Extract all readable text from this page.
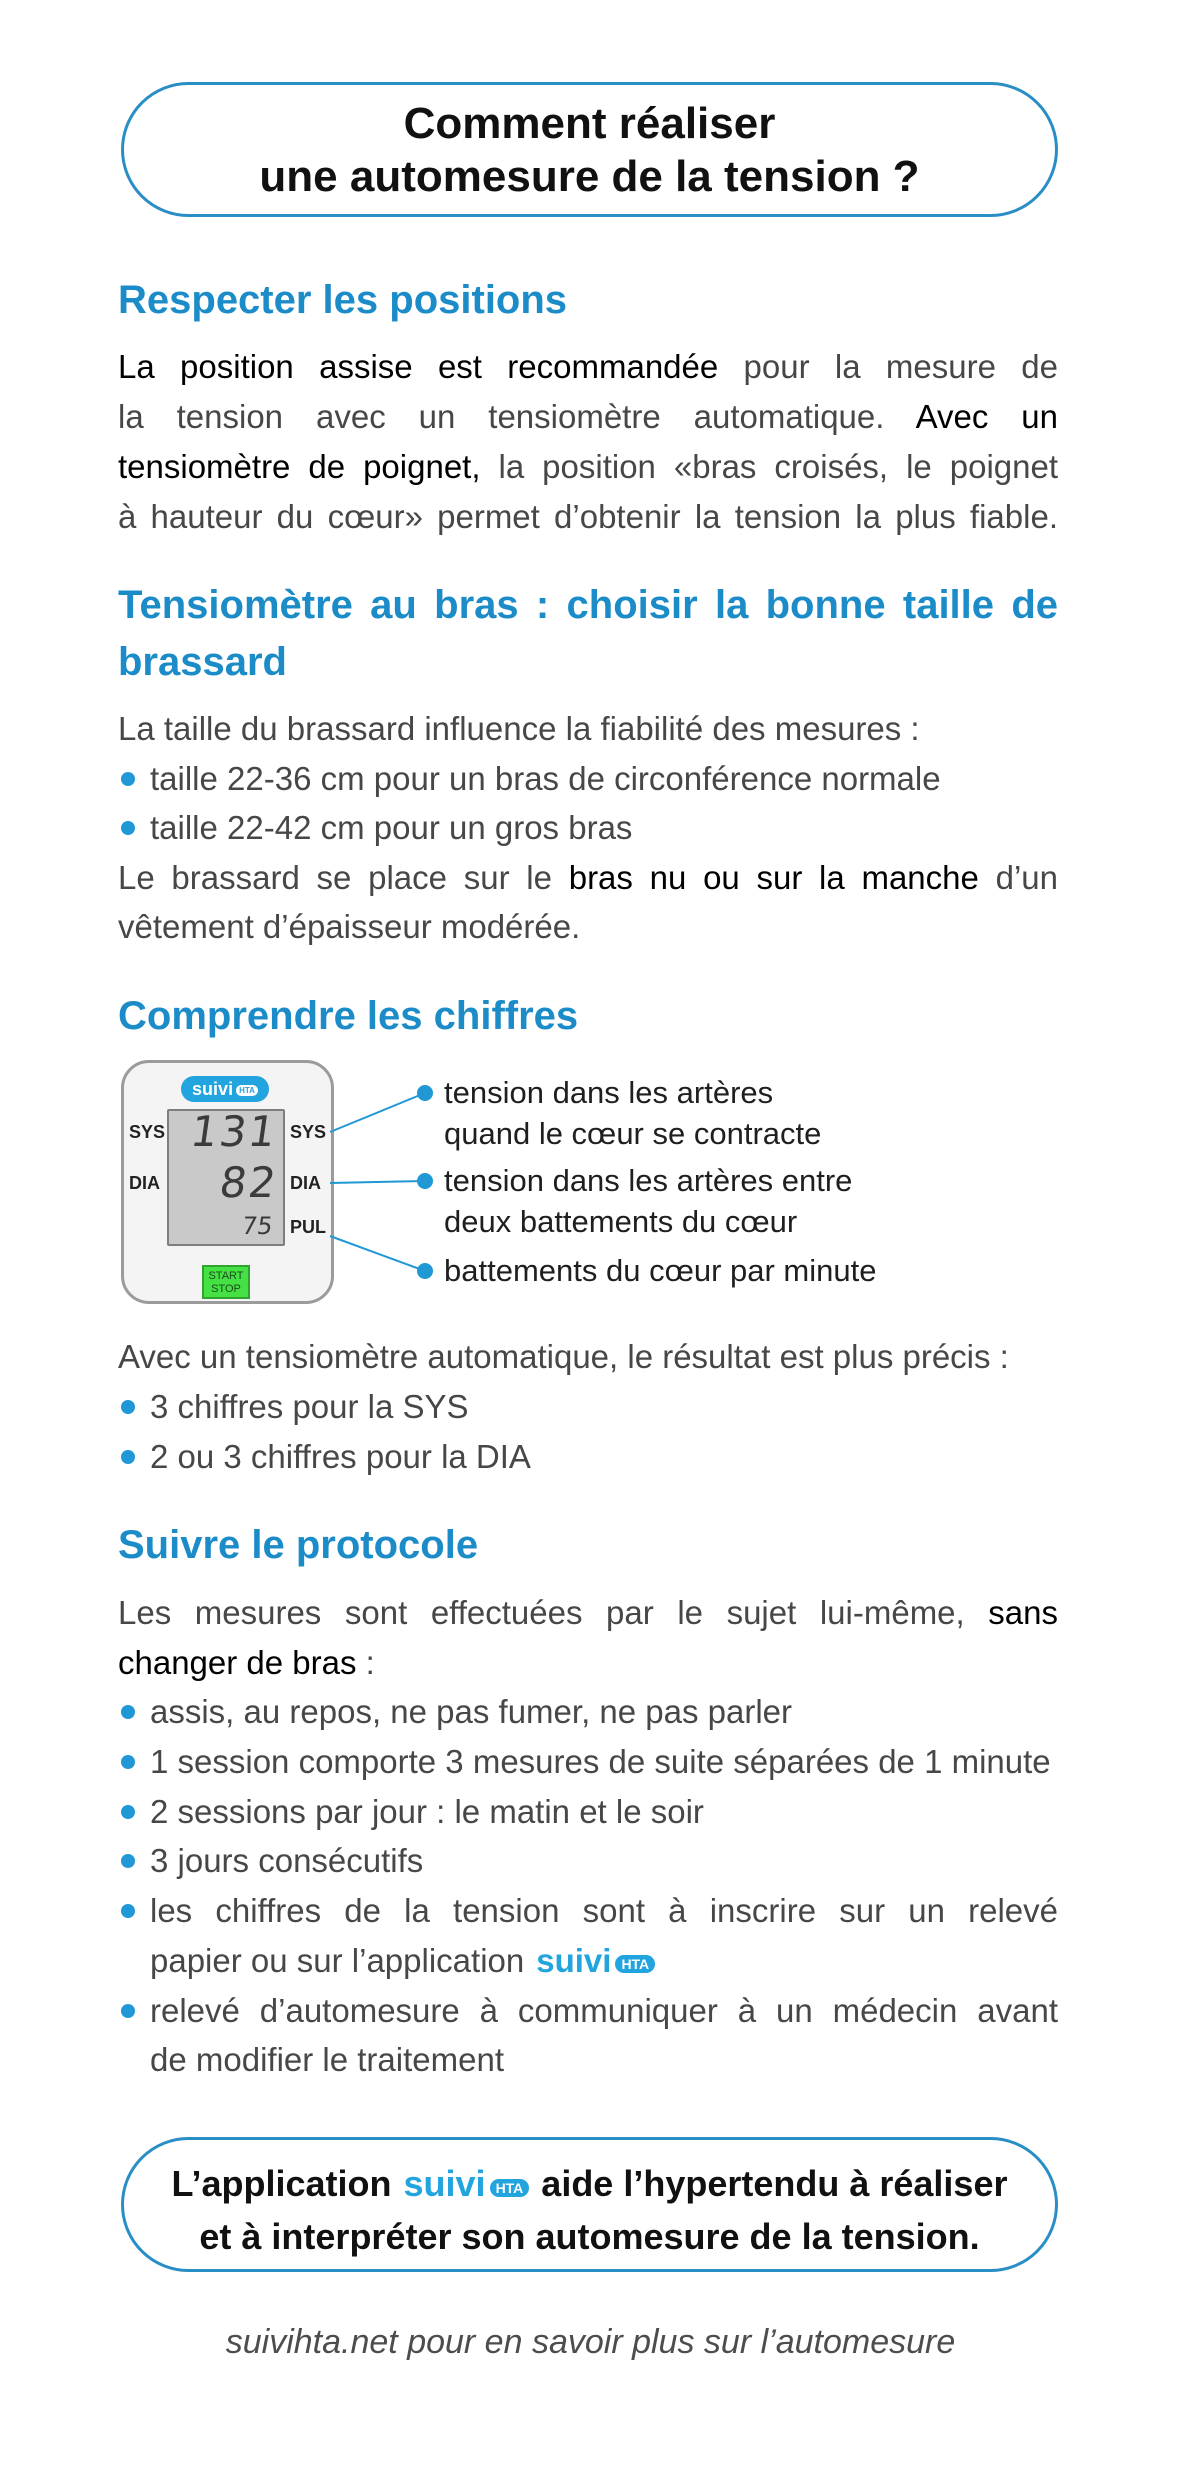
Comment réaliser
une automesure de la tension ?
Respecter les positions
La position assise est recommandée pour la mesure de
la tension avec un tensiomètre automatique. Avec un
tensiomètre de poignet, la position «bras croisés, le poignet
à hauteur du cœur» permet d’obtenir la tension la plus fiable.
Tensiomètre au bras : choisir la bonne taille de brassard
La taille du brassard influence la fiabilité des mesures :
taille 22-36 cm pour un bras de circonférence normale
taille 22-42 cm pour un gros bras
Le brassard se place sur le bras nu ou sur la manche d’un
vêtement d’épaisseur modérée.
Comprendre les chiffres
suivi HTA
SYS
DIA
131
82
75
SYS
DIA
PUL
START
STOP
tension dans les artères
quand le cœur se contracte
tension dans les artères entre
deux battements du cœur
battements du cœur par minute
Avec un tensiomètre automatique, le résultat est plus précis :
3 chiffres pour la SYS
2 ou 3 chiffres pour la DIA
Suivre le protocole
Les mesures sont effectuées par le sujet lui-même, sans
changer de bras :
assis, au repos, ne pas fumer, ne pas parler
1 session comporte 3 mesures de suite séparées de 1 minute
2 sessions par jour : le matin et le soir
3 jours consécutifs
les chiffres de la tension sont à inscrire sur un relevé
papier ou sur l’application suivi HTA
relevé d’automesure à communiquer à un médecin avant
de modifier le traitement
L’application suivi HTA aide l’hypertendu à réaliser
et à interpréter son automesure de la tension.
suivihta.net pour en savoir plus sur l’automesure
